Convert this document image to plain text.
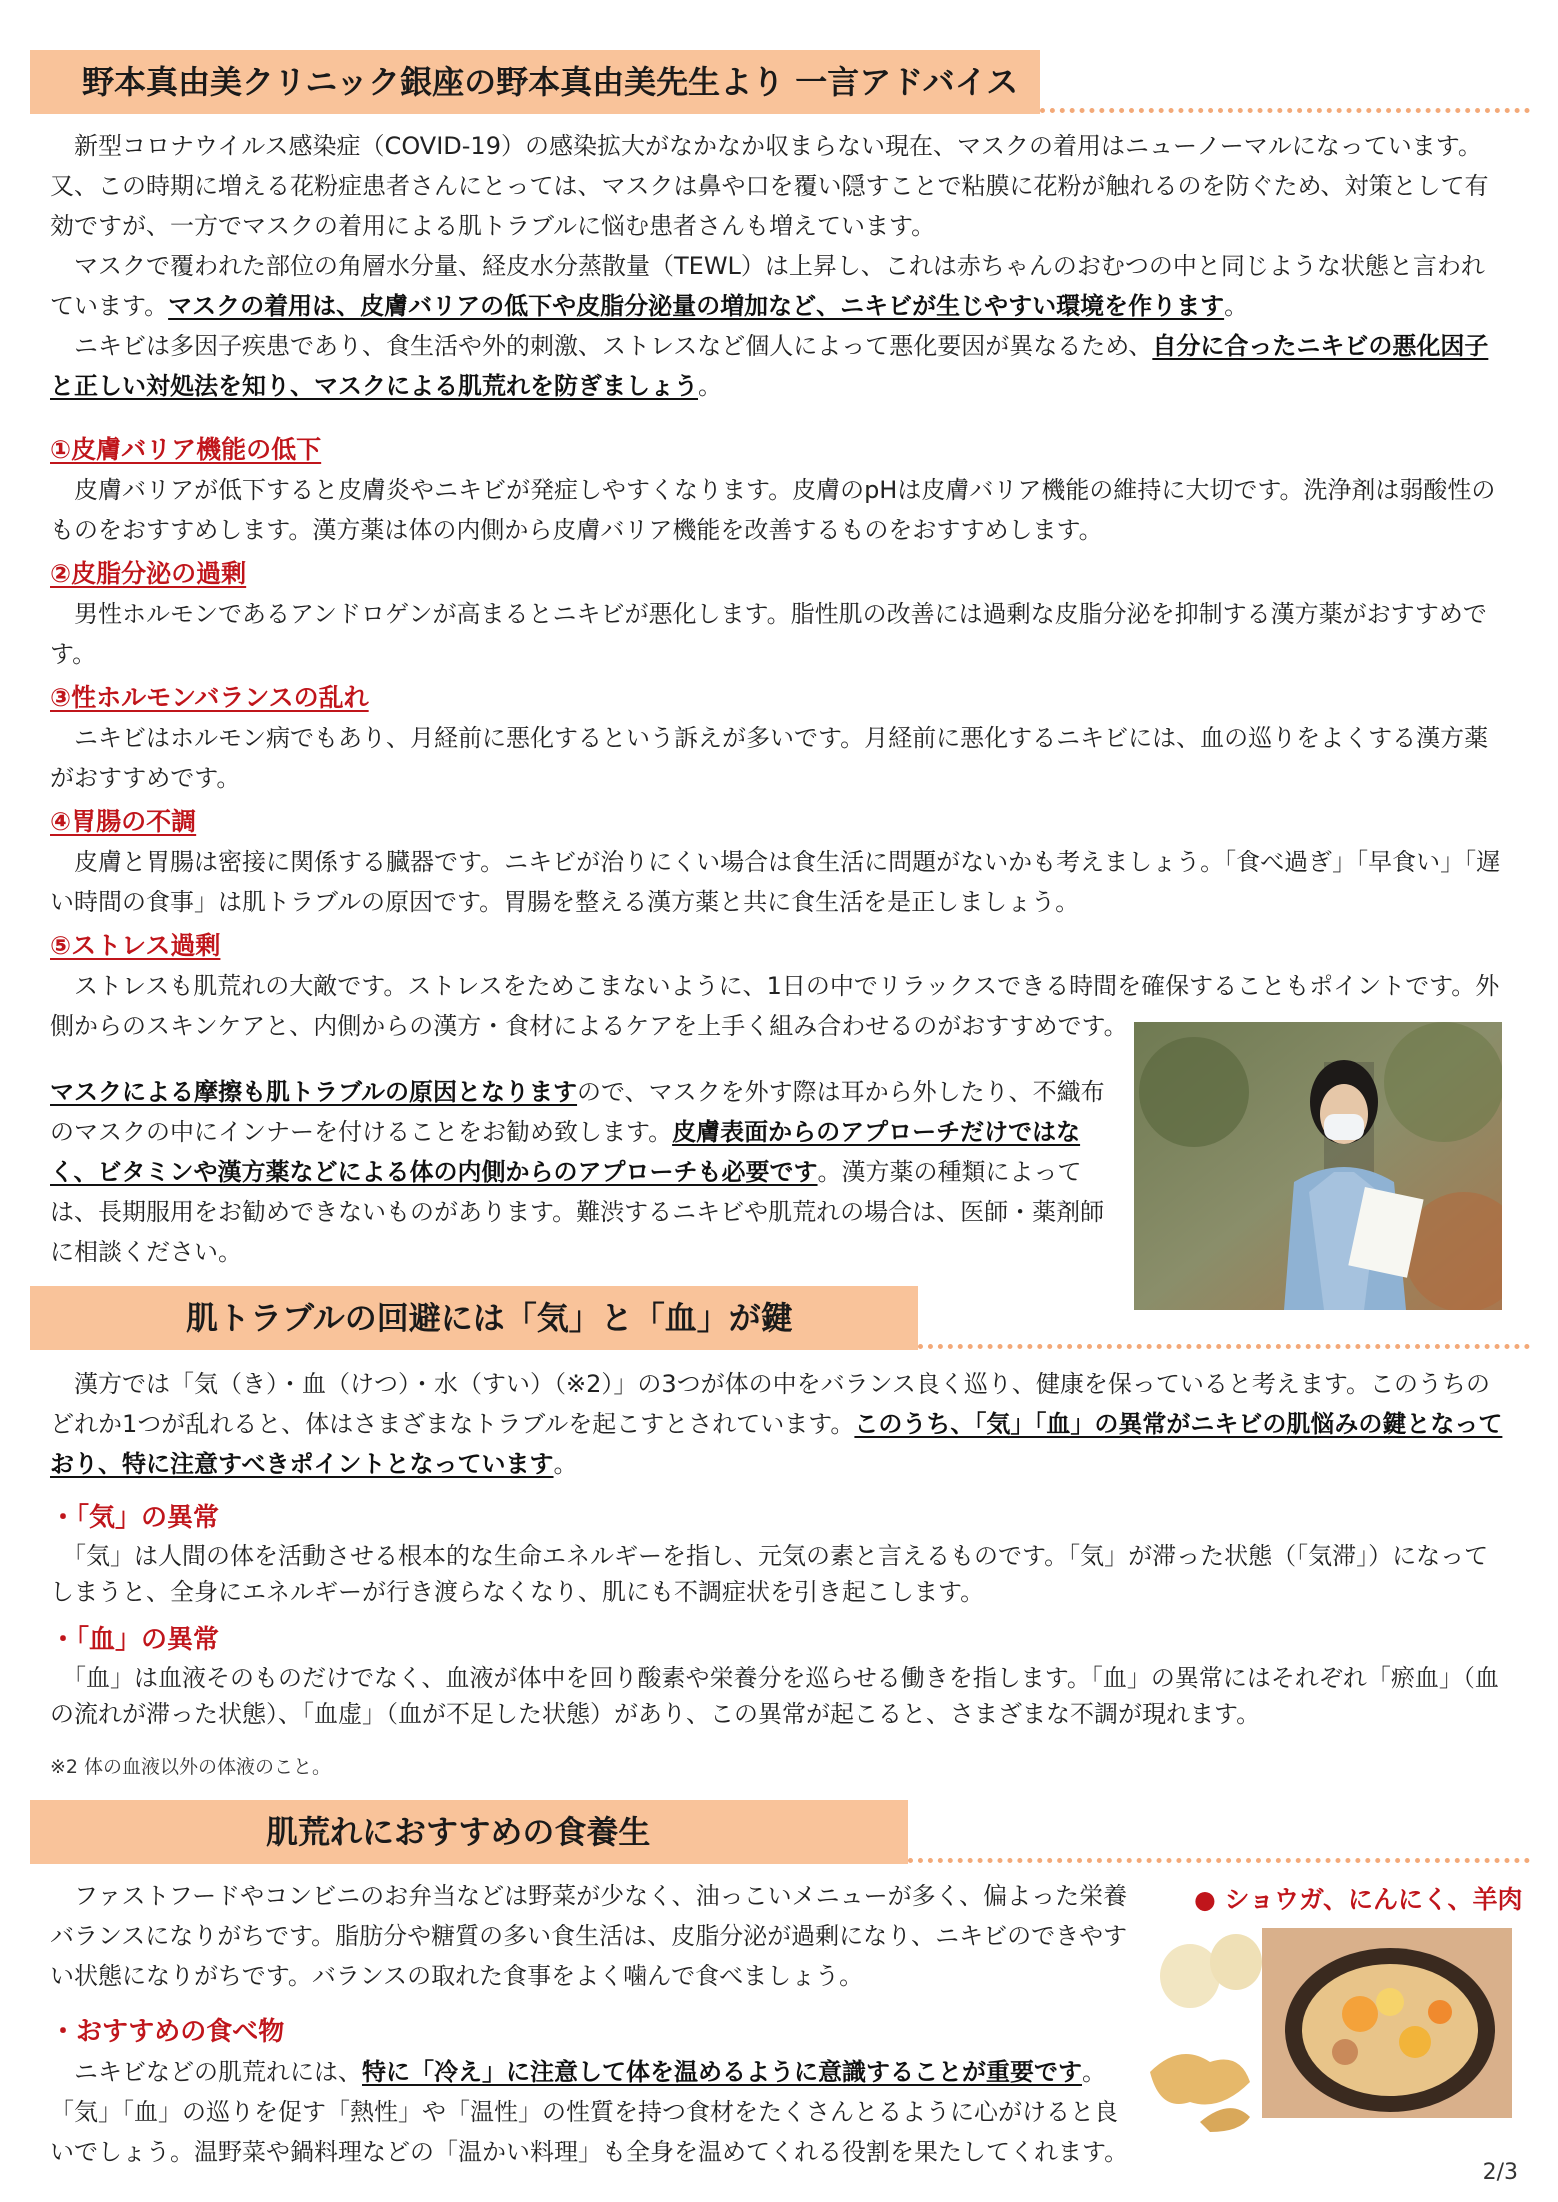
野本真由美クリニック銀座の野本真由美先生より 一言アドバイス

　新型コロナウイルス感染症（COVID-19）の感染拡大がなかなか収まらない現在、マスクの着用はニューノーマルになっています。又、この時期に増える花粉症患者さんにとっては、マスクは鼻や口を覆い隠すことで粘膜に花粉が触れるのを防ぐため、対策として有効ですが、一方でマスクの着用による肌トラブルに悩む患者さんも増えています。

　マスクで覆われた部位の角層水分量、経皮水分蒸散量（TEWL）は上昇し、これは赤ちゃんのおむつの中と同じような状態と言われています。マスクの着用は、皮膚バリアの低下や皮脂分泌量の増加など、ニキビが生じやすい環境を作ります。

　ニキビは多因子疾患であり、食生活や外的刺激、ストレスなど個人によって悪化要因が異なるため、自分に合ったニキビの悪化因子と正しい対処法を知り、マスクによる肌荒れを防ぎましょう。

①皮膚バリア機能の低下

　皮膚バリアが低下すると皮膚炎やニキビが発症しやすくなります。皮膚のpHは皮膚バリア機能の維持に大切です。洗浄剤は弱酸性のものをおすすめします。漢方薬は体の内側から皮膚バリア機能を改善するものをおすすめします。

②皮脂分泌の過剰

　男性ホルモンであるアンドロゲンが高まるとニキビが悪化します。脂性肌の改善には過剰な皮脂分泌を抑制する漢方薬がおすすめです。

③性ホルモンバランスの乱れ

　ニキビはホルモン病でもあり、月経前に悪化するという訴えが多いです。月経前に悪化するニキビには、血の巡りをよくする漢方薬がおすすめです。

④胃腸の不調

　皮膚と胃腸は密接に関係する臓器です。ニキビが治りにくい場合は食生活に問題がないかも考えましょう。「食べ過ぎ」「早食い」「遅い時間の食事」は肌トラブルの原因です。胃腸を整える漢方薬と共に食生活を是正しましょう。

⑤ストレス過剰

　ストレスも肌荒れの大敵です。ストレスをためこまないように、1日の中でリラックスできる時間を確保することもポイントです。外側からのスキンケアと、内側からの漢方・食材によるケアを上手く組み合わせるのがおすすめです。

マスクによる摩擦も肌トラブルの原因となりますので、マスクを外す際は耳から外したり、不織布のマスクの中にインナーを付けることをお勧め致します。皮膚表面からのアプローチだけではなく、ビタミンや漢方薬などによる体の内側からのアプローチも必要です。漢方薬の種類によっては、長期服用をお勧めできないものがあります。難渋するニキビや肌荒れの場合は、医師・薬剤師に相談ください。

肌トラブルの回避には「気」と「血」が鍵

　漢方では「気（き）・血（けつ）・水（すい）（※2）」の3つが体の中をバランス良く巡り、健康を保っていると考えます。このうちのどれか1つが乱れると、体はさまざまなトラブルを起こすとされています。このうち、「気」「血」の異常がニキビの肌悩みの鍵となっており、特に注意すべきポイントとなっています。

・「気」の異常

　「気」は人間の体を活動させる根本的な生命エネルギーを指し、元気の素と言えるものです。「気」が滞った状態（「気滞」）になってしまうと、全身にエネルギーが行き渡らなくなり、肌にも不調症状を引き起こします。

・「血」の異常

　「血」は血液そのものだけでなく、血液が体中を回り酸素や栄養分を巡らせる働きを指します。「血」の異常にはそれぞれ「瘀血」（血の流れが滞った状態）、「血虚」（血が不足した状態）があり、この異常が起こると、さまざまな不調が現れます。

※2 体の血液以外の体液のこと。
肌荒れにおすすめの食養生

　ファストフードやコンビニのお弁当などは野菜が少なく、油っこいメニューが多く、偏よった栄養バランスになりがちです。脂肪分や糖質の多い食生活は、皮脂分泌が過剰になり、ニキビのできやすい状態になりがちです。バランスの取れた食事をよく噛んで食べましょう。

・おすすめの食べ物

　ニキビなどの肌荒れには、特に「冷え」に注意して体を温めるように意識することが重要です。「気」「血」の巡りを促す「熱性」や「温性」の性質を持つ食材をたくさんとるように心がけると良いでしょう。温野菜や鍋料理などの「温かい料理」も全身を温めてくれる役割を果たしてくれます。

● ショウガ、にんにく、羊肉
2/3
